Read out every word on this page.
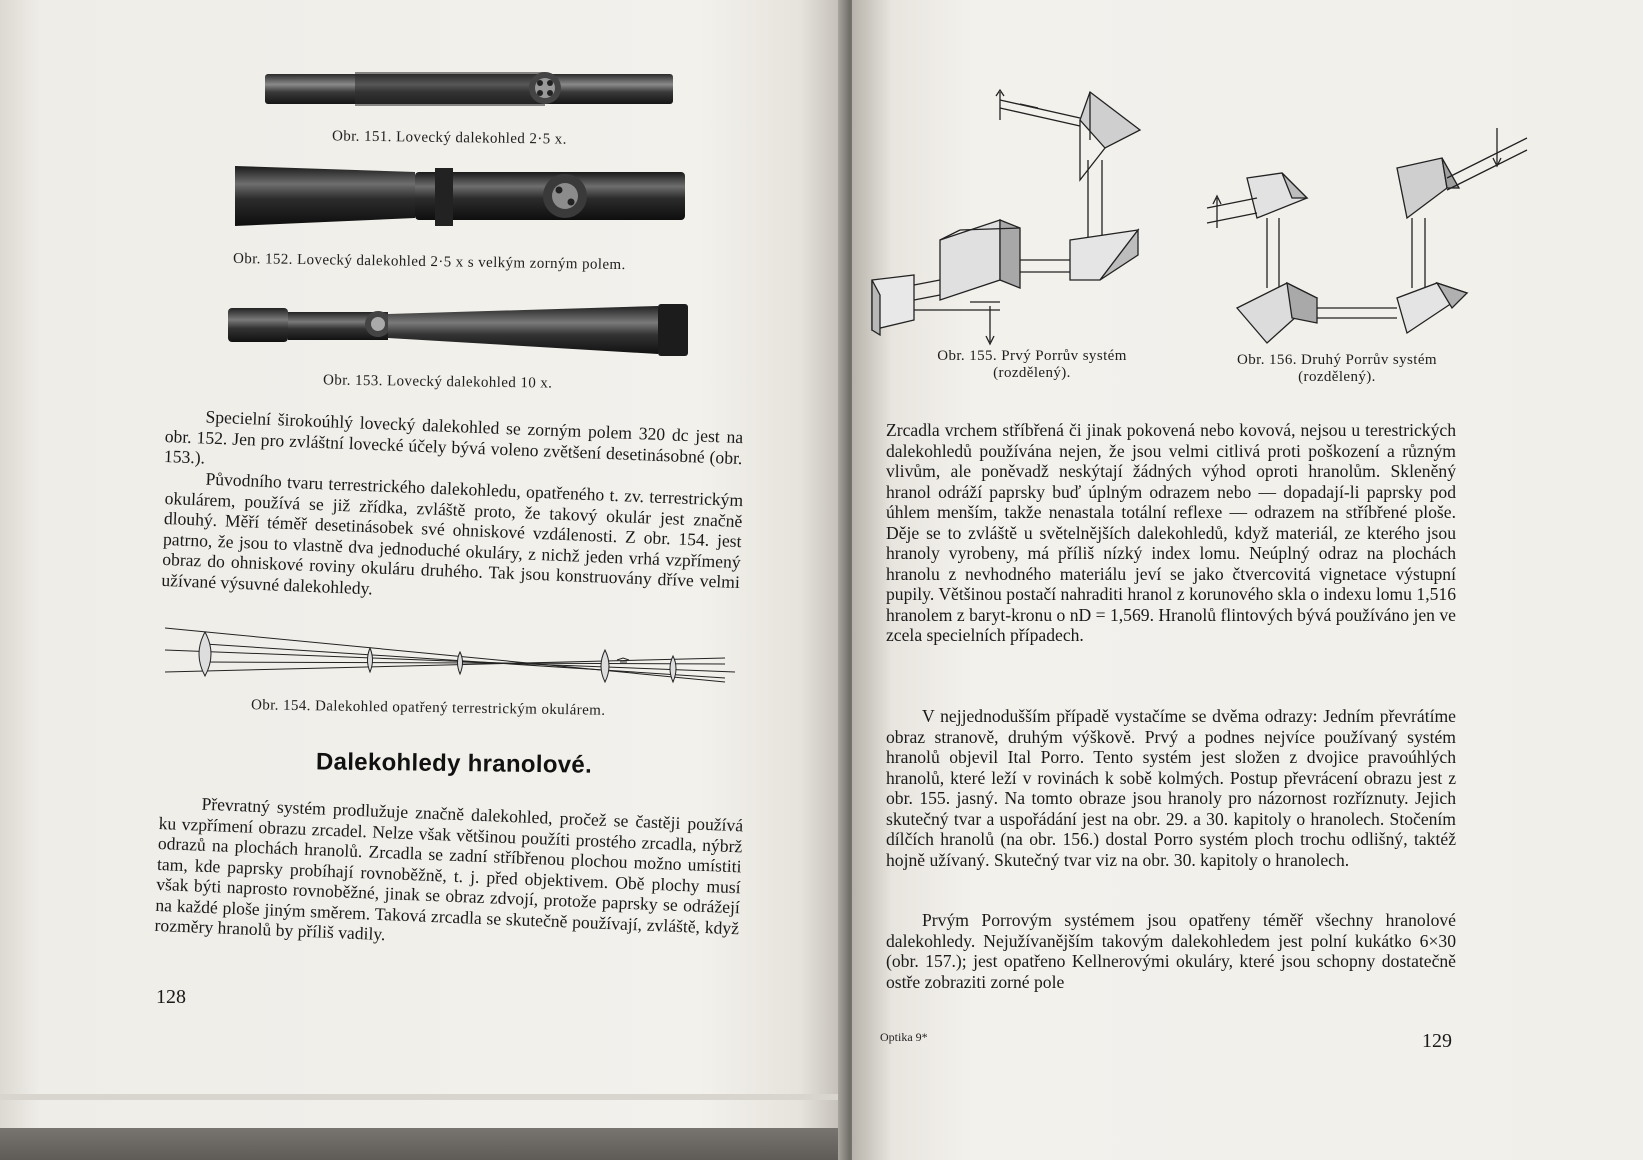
Obr. 151. Lovecký dalekohled 2·5 x.
Obr. 152. Lovecký dalekohled 2·5 x s velkým zorným polem.
Obr. 153. Lovecký dalekohled 10 x.
Specielní širokoúhlý lovecký dalekohled se zorným polem 320 dc jest na obr. 152. Jen pro zvláštní lovecké účely bývá voleno zvětšení desetinásobné (obr. 153.).
Původního tvaru terrestrického dalekohledu, opatřeného t. zv. terrestrickým okulárem, používá se již zřídka, zvláště proto, že takový okulár jest značně dlouhý. Měří téměř desetinásobek své ohniskové vzdálenosti. Z obr. 154. jest patrno, že jsou to vlastně dva jednoduché okuláry, z nichž jeden vrhá vzpřímený obraz do ohniskové roviny okuláru druhého. Tak jsou konstruovány dříve velmi užívané výsuvné dalekohledy.
Obr. 154. Dalekohled opatřený terrestrickým okulárem.
Dalekohledy hranolové.
Převratný systém prodlužuje značně dalekohled, pročež se častěji používá ku vzpřímení obrazu zrcadel. Nelze však většinou použíti prostého zrcadla, nýbrž odrazů na plochách hranolů. Zrcadla se zadní stříbřenou plochou možno umístiti tam, kde paprsky probíhají rovnoběžně, t. j. před objektivem. Obě plochy musí však býti naprosto rovnoběžné, jinak se obraz zdvojí, protože paprsky se odrážejí na každé ploše jiným směrem. Taková zrcadla se skutečně používají, zvláště, když rozměry hranolů by příliš vadily.
128
Obr. 155. Prvý Porrův systém
(rozdělený).
Obr. 156. Druhý Porrův systém
(rozdělený).
Zrcadla vrchem stříbřená či jinak pokovená nebo kovová, nejsou u terestrických dalekohledů používána nejen, že jsou velmi citlivá proti poškození a různým vlivům, ale poněvadž neskýtají žádných výhod oproti hranolům. Skleněný hranol odráží paprsky buď úplným odrazem nebo — dopadají-li paprsky pod úhlem menším, takže nenastala totální reflexe — odrazem na stříbřené ploše. Děje se to zvláště u světelnějších dalekohledů, když materiál, ze kterého jsou hranoly vyrobeny, má příliš nízký index lomu. Neúplný odraz na plochách hranolu z nevhodného materiálu jeví se jako čtvercovitá vignetace výstupní pupily. Většinou postačí nahraditi hranol z korunového skla o indexu lomu 1,516 hranolem z baryt-kronu o nD = 1,569. Hranolů flintových bývá používáno jen ve zcela specielních případech.
V nejjednodušším případě vystačíme se dvěma odrazy: Jedním převrátíme obraz stranově, druhým výškově. Prvý a podnes nejvíce používaný systém hranolů objevil Ital Porro. Tento systém jest složen z dvojice pravoúhlých hranolů, které leží v rovinách k sobě kolmých. Postup převrácení obrazu jest z obr. 155. jasný. Na tomto obraze jsou hranoly pro názornost rozříznuty. Jejich skutečný tvar a uspořádání jest na obr. 29. a 30. kapitoly o hranolech. Stočením dílčích hranolů (na obr. 156.) dostal Porro systém ploch trochu odlišný, taktéž hojně užívaný. Skutečný tvar viz na obr. 30. kapitoly o hranolech.
Prvým Porrovým systémem jsou opatřeny téměř všechny hranolové dalekohledy. Nejužívanějším takovým dalekohledem jest polní kukátko 6×30 (obr. 157.); jest opatřeno Kellnerovými okuláry, které jsou schopny dostatečně ostře zobraziti zorné pole
Optika 9*	129
